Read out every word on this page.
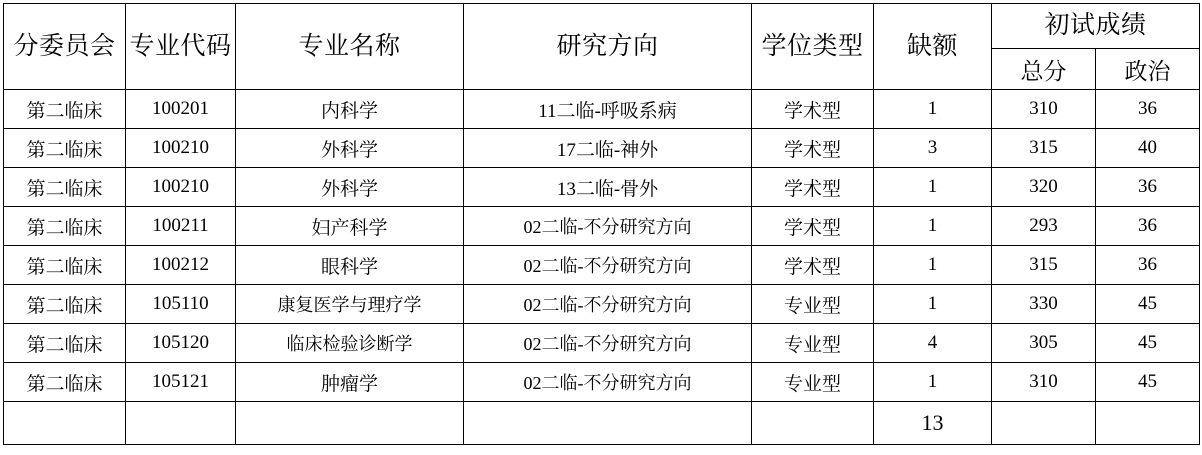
分委员会	专业代码	专业名称	研究方向	学位类型	缺额	初试成绩	
						总分	政治
第二临床	100201	内科学	11二临-呼吸系病	学术型	1	310	36
第二临床	100210	外科学	17二临-神外	学术型	3	315	40
第二临床	100210	外科学	13二临-骨外	学术型	1	320	36
第二临床	100211	妇产科学	02二临-不分研究方向	学术型	1	293	36
第二临床	100212	眼科学	02二临-不分研究方向	学术型	1	315	36
第二临床	105110	康复医学与理疗学	02二临-不分研究方向	专业型	1	330	45
第二临床	105120	临床检验诊断学	02二临-不分研究方向	专业型	4	305	45
第二临床	105121	肿瘤学	02二临-不分研究方向	专业型	1	310	45
					13		
